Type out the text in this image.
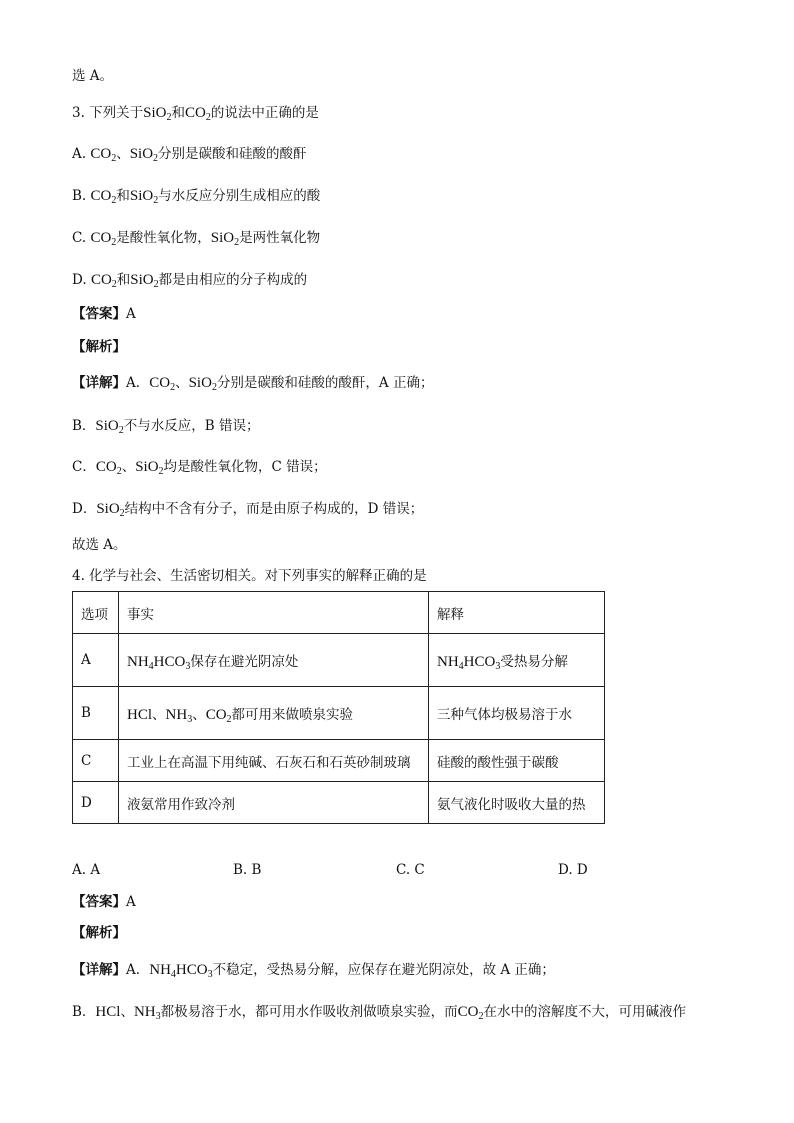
选 A。
3. 下列关于SiO$_2$和$CO_2$的说法中正确的是
A. $CO_2$、SiO$_2$分别是碳酸和硅酸的酸酐
B. $CO_2$和SiO$_2$与水反应分别生成相应的酸
C. $CO_2$是酸性氧化物，SiO$_2$是两性氧化物
D. $CO_2$和SiO$_2$都是由相应的分子构成的
【答案】A
【解析】
【详解】A．$CO_2$、SiO$_2$分别是碳酸和硅酸的酸酐，A 正确；
B．SiO$_2$不与水反应，B 错误；
C．$CO_2$、SiO$_2$均是酸性氧化物，C 错误；
D．SiO$_2$结构中不含有分子，而是由原子构成的，D 错误；
故选 A。
4. 化学与社会、生活密切相关。对下列事实的解释正确的是
选项	事实	解释
A	$NH_4HCO_3$保存在避光阴凉处	$NH_4HCO_3$受热易分解
B	HCl、$NH_3$、$CO_2$都可用来做喷泉实验	三种气体均极易溶于水
C	工业上在高温下用纯碱、石灰石和石英砂制玻璃	硅酸的酸性强于碳酸
D	液氨常用作致冷剂	氨气液化时吸收大量的热
A. A	B. B	C. C	D. D
【答案】A
【解析】
【详解】A．$NH_4HCO_3$不稳定，受热易分解，应保存在避光阴凉处，故 A 正确；
B．HCl、$NH_3$都极易溶于水，都可用水作吸收剂做喷泉实验，而$CO_2$在水中的溶解度不大，可用碱液作
